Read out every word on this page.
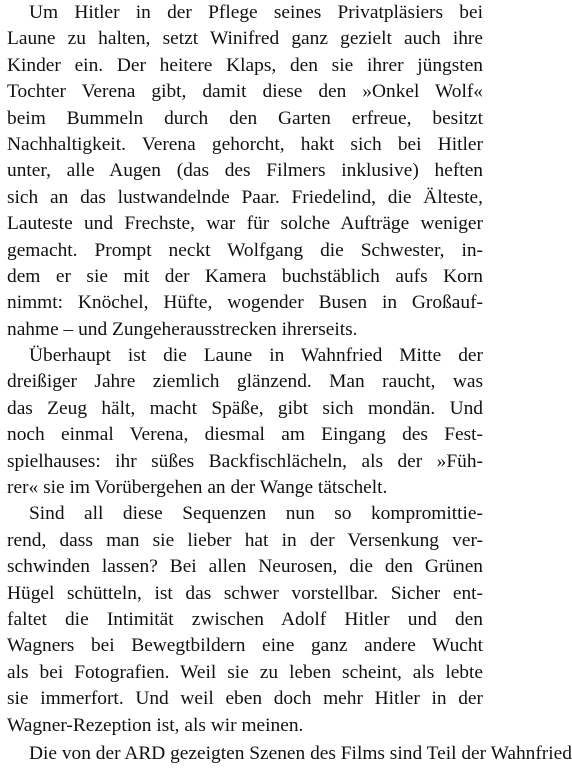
Um Hitler in der Pflege seines Privatpläsiers bei
Laune zu halten, setzt Winifred ganz gezielt auch ihre
Kinder ein. Der heitere Klaps, den sie ihrer jüngsten
Tochter Verena gibt, damit diese den »Onkel Wolf«
beim Bummeln durch den Garten erfreue, besitzt
Nachhaltigkeit. Verena gehorcht, hakt sich bei Hitler
unter, alle Augen (das des Filmers inklusive) heften
sich an das lustwandelnde Paar. Friedelind, die Älteste,
Lauteste und Frechste, war für solche Aufträge weniger
gemacht. Prompt neckt Wolfgang die Schwester, in-
dem er sie mit der Kamera buchstäblich aufs Korn
nimmt: Knöchel, Hüfte, wogender Busen in Großauf-
nahme – und Zungeherausstrecken ihrerseits.
Überhaupt ist die Laune in Wahnfried Mitte der
dreißiger Jahre ziemlich glänzend. Man raucht, was
das Zeug hält, macht Späße, gibt sich mondän. Und
noch einmal Verena, diesmal am Eingang des Fest-
spielhauses: ihr süßes Backfischlächeln, als der »Füh-
rer« sie im Vorübergehen an der Wange tätschelt.
Sind all diese Sequenzen nun so kompromittie-
rend, dass man sie lieber hat in der Versenkung ver-
schwinden lassen? Bei allen Neurosen, die den Grünen
Hügel schütteln, ist das schwer vorstellbar. Sicher ent-
faltet die Intimität zwischen Adolf Hitler und den
Wagners bei Bewegtbildern eine ganz andere Wucht
als bei Fotografien. Weil sie zu leben scheint, als lebte
sie immerfort. Und weil eben doch mehr Hitler in der
Wagner-Rezeption ist, als wir meinen.
Die von der ARD gezeigten Szenen des Films sind Teil der Wahnfried
